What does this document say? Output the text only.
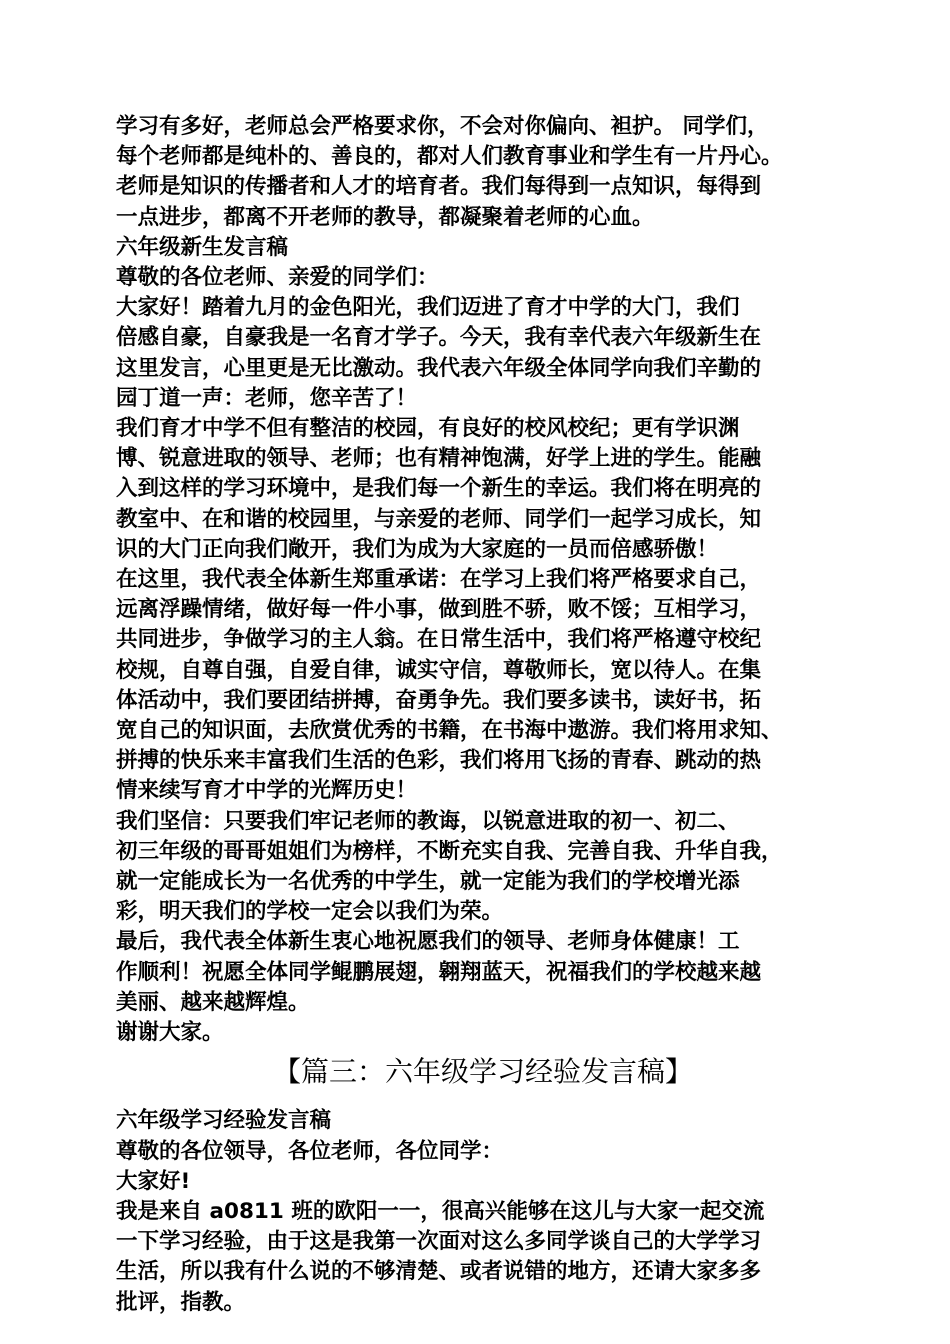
学习有多好，老师总会严格要求你，不会对你偏向、袒护。 同学们，
每个老师都是纯朴的、善良的，都对人们教育事业和学生有一片丹心。
老师是知识的传播者和人才的培育者。我们每得到一点知识，每得到
一点进步，都离不开老师的教导，都凝聚着老师的心血。
六年级新生发言稿
尊敬的各位老师、亲爱的同学们：
大家好！踏着九月的金色阳光，我们迈进了育才中学的大门，我们
倍感自豪，自豪我是一名育才学子。今天，我有幸代表六年级新生在
这里发言，心里更是无比激动。我代表六年级全体同学向我们辛勤的
园丁道一声：老师，您辛苦了！
我们育才中学不但有整洁的校园，有良好的校风校纪；更有学识渊
博、锐意进取的领导、老师；也有精神饱满，好学上进的学生。能融
入到这样的学习环境中，是我们每一个新生的幸运。我们将在明亮的
教室中、在和谐的校园里，与亲爱的老师、同学们一起学习成长，知
识的大门正向我们敞开，我们为成为大家庭的一员而倍感骄傲！
在这里，我代表全体新生郑重承诺：在学习上我们将严格要求自己，
远离浮躁情绪，做好每一件小事，做到胜不骄，败不馁；互相学习，
共同进步，争做学习的主人翁。在日常生活中，我们将严格遵守校纪
校规，自尊自强，自爱自律，诚实守信，尊敬师长，宽以待人。在集
体活动中，我们要团结拼搏，奋勇争先。我们要多读书，读好书，拓
宽自己的知识面，去欣赏优秀的书籍，在书海中遨游。我们将用求知、
拼搏的快乐来丰富我们生活的色彩，我们将用飞扬的青春、跳动的热
情来续写育才中学的光辉历史！
我们坚信：只要我们牢记老师的教诲，以锐意进取的初一、初二、
初三年级的哥哥姐姐们为榜样，不断充实自我、完善自我、升华自我，
就一定能成长为一名优秀的中学生，就一定能为我们的学校增光添
彩，明天我们的学校一定会以我们为荣。
最后，我代表全体新生衷心地祝愿我们的领导、老师身体健康！工
作顺利！祝愿全体同学鲲鹏展翅，翱翔蓝天，祝福我们的学校越来越
美丽、越来越辉煌。
谢谢大家。
【篇三：六年级学习经验发言稿】
六年级学习经验发言稿
尊敬的各位领导，各位老师，各位同学：
大家好!
我是来自 a0811 班的欧阳一一，很高兴能够在这儿与大家一起交流
一下学习经验，由于这是我第一次面对这么多同学谈自己的大学学习
生活，所以我有什么说的不够清楚、或者说错的地方，还请大家多多
批评，指教。
